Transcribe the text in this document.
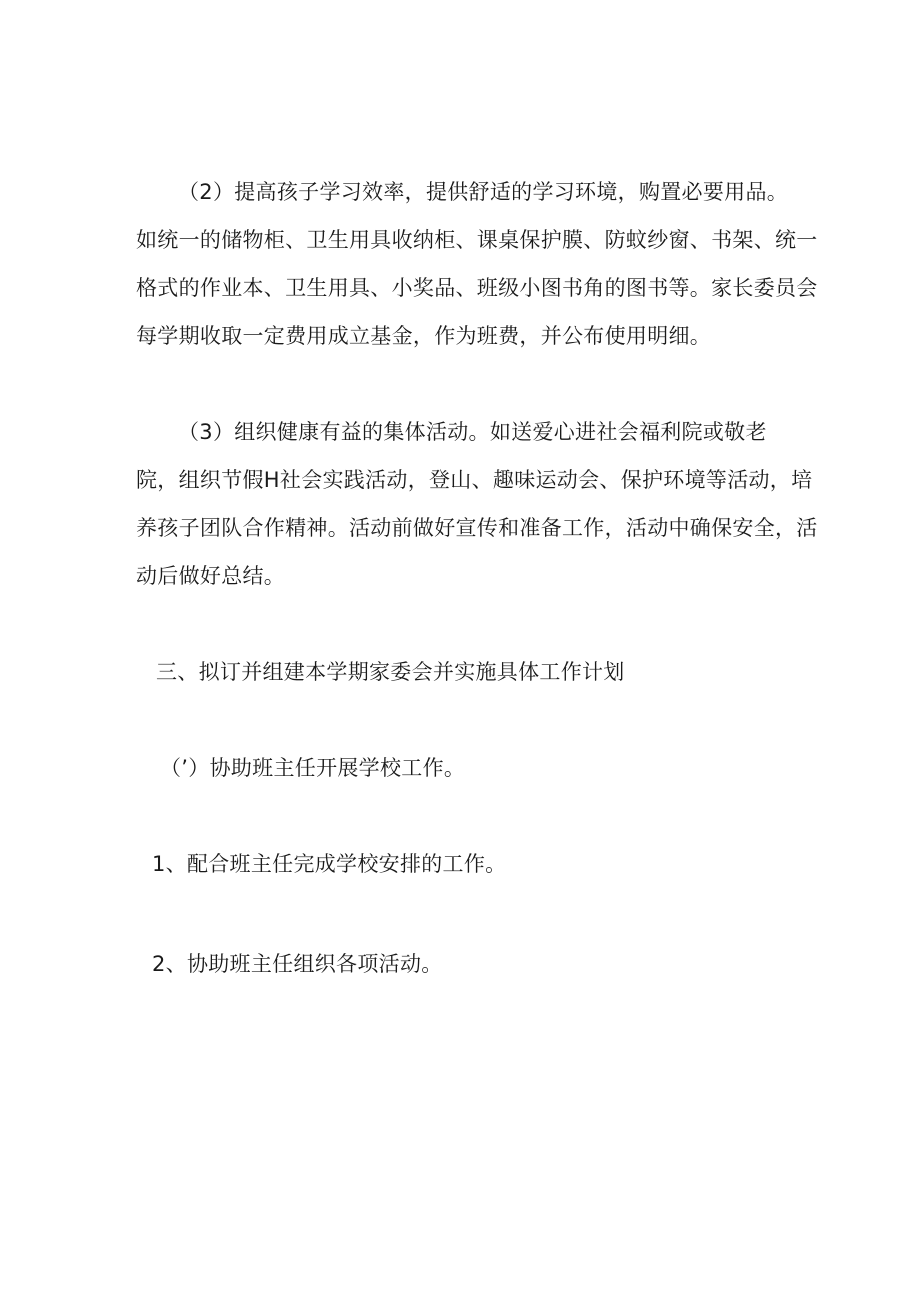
（2）提高孩子学习效率，提供舒适的学习环境，购置必要用品。
如统一的储物柜、卫生用具收纳柜、课桌保护膜、防蚊纱窗、书架、统一
格式的作业本、卫生用具、小奖品、班级小图书角的图书等。家长委员会
每学期收取一定费用成立基金，作为班费，并公布使用明细。
（3）组织健康有益的集体活动。如送爱心进社会福利院或敬老
院，组织节假H社会实践活动，登山、趣味运动会、保护环境等活动，培
养孩子团队合作精神。活动前做好宣传和准备工作，活动中确保安全，活
动后做好总结。
三、拟订并组建本学期家委会并实施具体工作计划
（’）协助班主任开展学校工作。
1、配合班主任完成学校安排的工作。
2、协助班主任组织各项活动。
